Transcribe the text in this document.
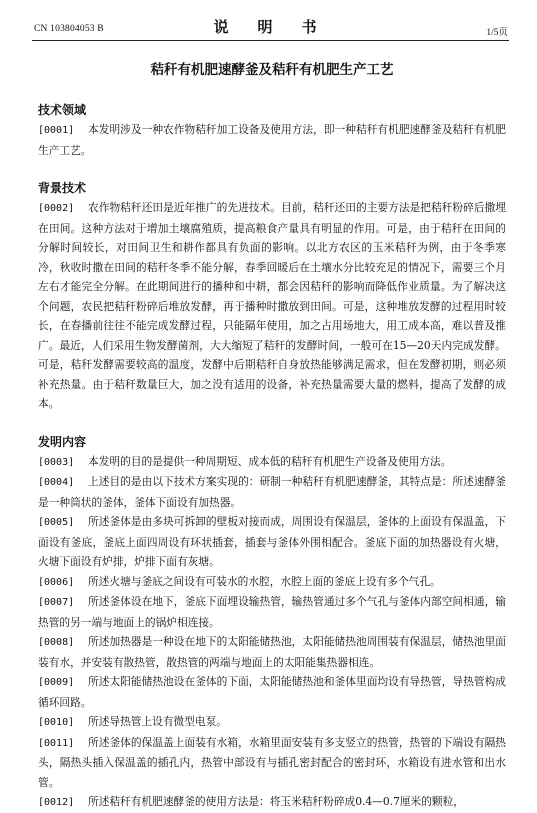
CN 103804053 B	说　明　书	1/5页
秸秆有机肥速酵釜及秸秆有机肥生产工艺
技术领域
[0001] 本发明涉及一种农作物秸秆加工设备及使用方法，即一种秸秆有机肥速酵釜及秸秆有机肥生产工艺。
背景技术
[0002] 农作物秸秆还田是近年推广的先进技术。目前，秸秆还田的主要方法是把秸秆粉碎后撒埋在田间。这种方法对于增加土壤腐殖质，提高粮食产量具有明显的作用。可是，由于秸秆在田间的分解时间较长，对田间卫生和耕作都具有负面的影响。以北方农区的玉米秸秆为例，由于冬季寒冷，秋收时撒在田间的秸秆冬季不能分解，春季回暖后在土壤水分比较充足的情况下，需要三个月左右才能完全分解。在此期间进行的播种和中耕，都会因秸秆的影响而降低作业质量。为了解决这个问题，农民把秸秆粉碎后堆放发酵，再于播种时撒放到田间。可是，这种堆放发酵的过程用时较长，在春播前往往不能完成发酵过程，只能隔年使用，加之占用场地大，用工成本高，难以普及推广。最近，人们采用生物发酵菌剂，大大缩短了秸秆的发酵时间，一般可在15—20天内完成发酵。可是，秸秆发酵需要较高的温度，发酵中后期秸秆自身放热能够满足需求，但在发酵初期，则必须补充热量。由于秸秆数量巨大，加之没有适用的设备，补充热量需要大量的燃料，提高了发酵的成本。
发明内容
[0003] 本发明的目的是提供一种周期短、成本低的秸秆有机肥生产设备及使用方法。
[0004] 上述目的是由以下技术方案实现的：研制一种秸秆有机肥速酵釜，其特点是：所述速酵釜是一种筒状的釜体，釜体下面设有加热器。
[0005] 所述釜体是由多块可拆卸的壁板对接而成，周围设有保温层，釜体的上面设有保温盖，下面设有釜底，釜底上面四周设有环状插套，插套与釜体外围相配合。釜底下面的加热器设有火塘，火塘下面设有炉排，炉排下面有灰塘。
[0006] 所述火塘与釜底之间设有可装水的水腔，水腔上面的釜底上设有多个气孔。
[0007] 所述釜体设在地下，釜底下面埋设输热管，输热管通过多个气孔与釜体内部空间相通，输热管的另一端与地面上的锅炉相连接。
[0008] 所述加热器是一种设在地下的太阳能储热池，太阳能储热池周围装有保温层，储热池里面装有水，并安装有散热管，散热管的两端与地面上的太阳能集热器相连。
[0009] 所述太阳能储热池设在釜体的下面，太阳能储热池和釜体里面均设有导热管，导热管构成循环回路。
[0010] 所述导热管上设有微型电泵。
[0011] 所述釜体的保温盖上面装有水箱，水箱里面安装有多支竖立的热管，热管的下端设有隔热头，隔热头插入保温盖的插孔内，热管中部设有与插孔密封配合的密封环，水箱设有进水管和出水管。
[0012] 所述秸秆有机肥速酵釜的使用方法是：将玉米秸秆粉碎成0.4—0.7厘米的颗粒，
